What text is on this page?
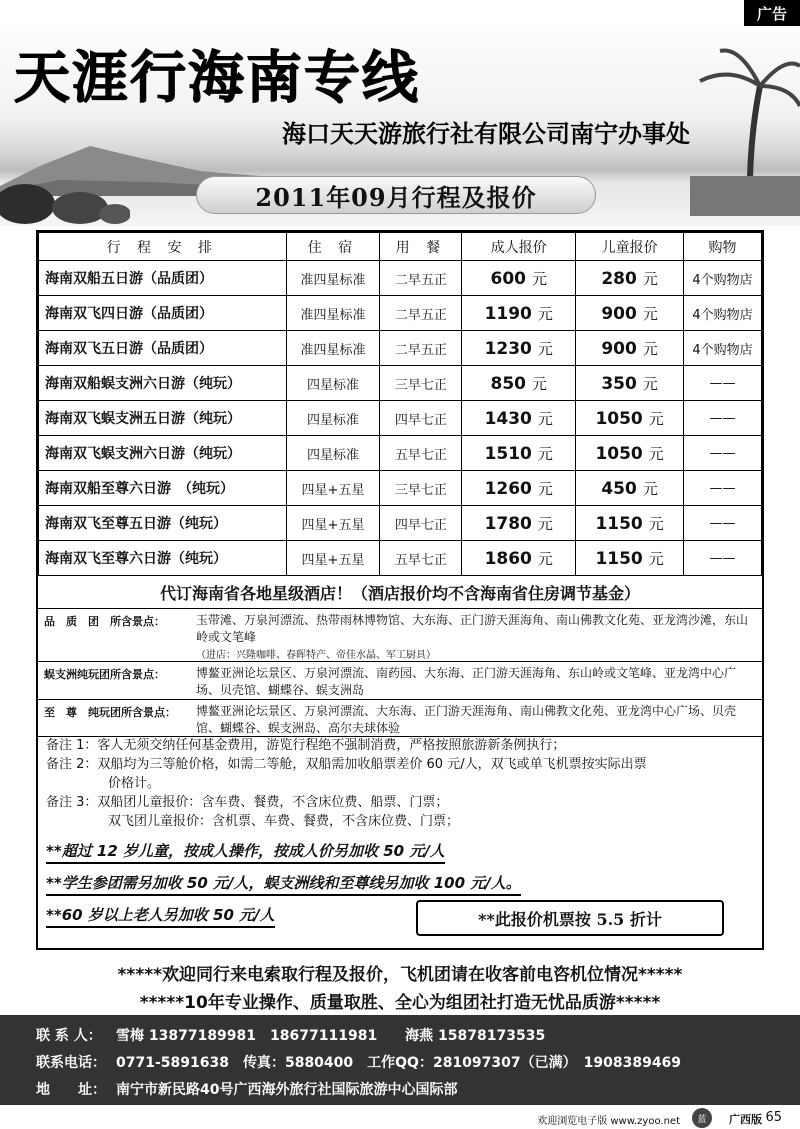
广告
天涯行海南专线
海口天天游旅行社有限公司南宁办事处
2011年09月行程及报价
行 程 安 排	住 宿	用 餐	成人报价	儿童报价	购物
海南双船五日游（品质团）	准四星标准	二早五正	600 元	280 元	4个购物店
海南双飞四日游（品质团）	准四星标准	二早五正	1190 元	900 元	4个购物店
海南双飞五日游（品质团）	准四星标准	二早五正	1230 元	900 元	4个购物店
海南双船蜈支洲六日游（纯玩）	四星标准	三早七正	850 元	350 元	——
海南双飞蜈支洲五日游（纯玩）	四星标准	四早七正	1430 元	1050 元	——
海南双飞蜈支洲六日游（纯玩）	四星标准	五早七正	1510 元	1050 元	——
海南双船至尊六日游　（纯玩）	四星+五星	三早七正	1260 元	450 元	——
海南双飞至尊五日游（纯玩）	四星+五星	四早七正	1780 元	1150 元	——
海南双飞至尊六日游（纯玩）	四星+五星	五早七正	1860 元	1150 元	——
代订海南省各地星级酒店！（酒店报价均不含海南省住房调节基金）
品　质　团　所含景点：	玉带滩、万泉河漂流、热带雨林博物馆、大东海、正门游天涯海角、南山佛教文化苑、亚龙湾沙滩，东山岭或文笔峰
（进店：兴隆咖啡、春晖特产、帝佳水晶、军工厨具）
蜈支洲纯玩团所含景点：	博鳌亚洲论坛景区、万泉河漂流、南药园、大东海、正门游天涯海角、东山岭或文笔峰、亚龙湾中心广场、贝壳馆、蝴蝶谷、蜈支洲岛
至　尊　纯玩团所含景点： 博鳌亚洲论坛景区、万泉河漂流、大东海、正门游天涯海角、南山佛教文化苑、亚龙湾中心广场、贝壳馆、蝴蝶谷、蜈支洲岛、高尔夫球体验

备注 1：客人无须交纳任何基金费用，游览行程绝不强制消费，严格按照旅游新条例执行；

备注 2：双船均为三等舱价格，如需二等舱，双船需加收船票差价 60 元/人，双飞或单飞机票按实际出票

价格计。

备注 3：双船团儿童报价：含车费、餐费，不含床位费、船票、门票；

双飞团儿童报价：含机票、车费、餐费，不含床位费、门票；

**超过 12 岁儿童，按成人操作，按成人价另加收 50 元/人
**学生参团需另加收 50 元/人，蜈支洲线和至尊线另加收 100 元/人。
**60 岁以上老人另加收 50 元/人	**此报价机票按 5.5 折计
*****欢迎同行来电索取行程及报价，飞机团请在收客前电咨机位情况*****
*****10年专业操作、质量取胜、全心为组团社打造无忧品质游*****
联 系 人： 雪梅 13877189981　18677111981　　海燕 15878173535
联系电话： 0771-5891638　传真：5880400　工作QQ：281097307（已满）　1908389469
地　　址： 南宁市新民路40号广西海外旅行社国际旅游中心国际部
欢迎浏览电子版 www.zyoo.net	蓝	广西版 65
